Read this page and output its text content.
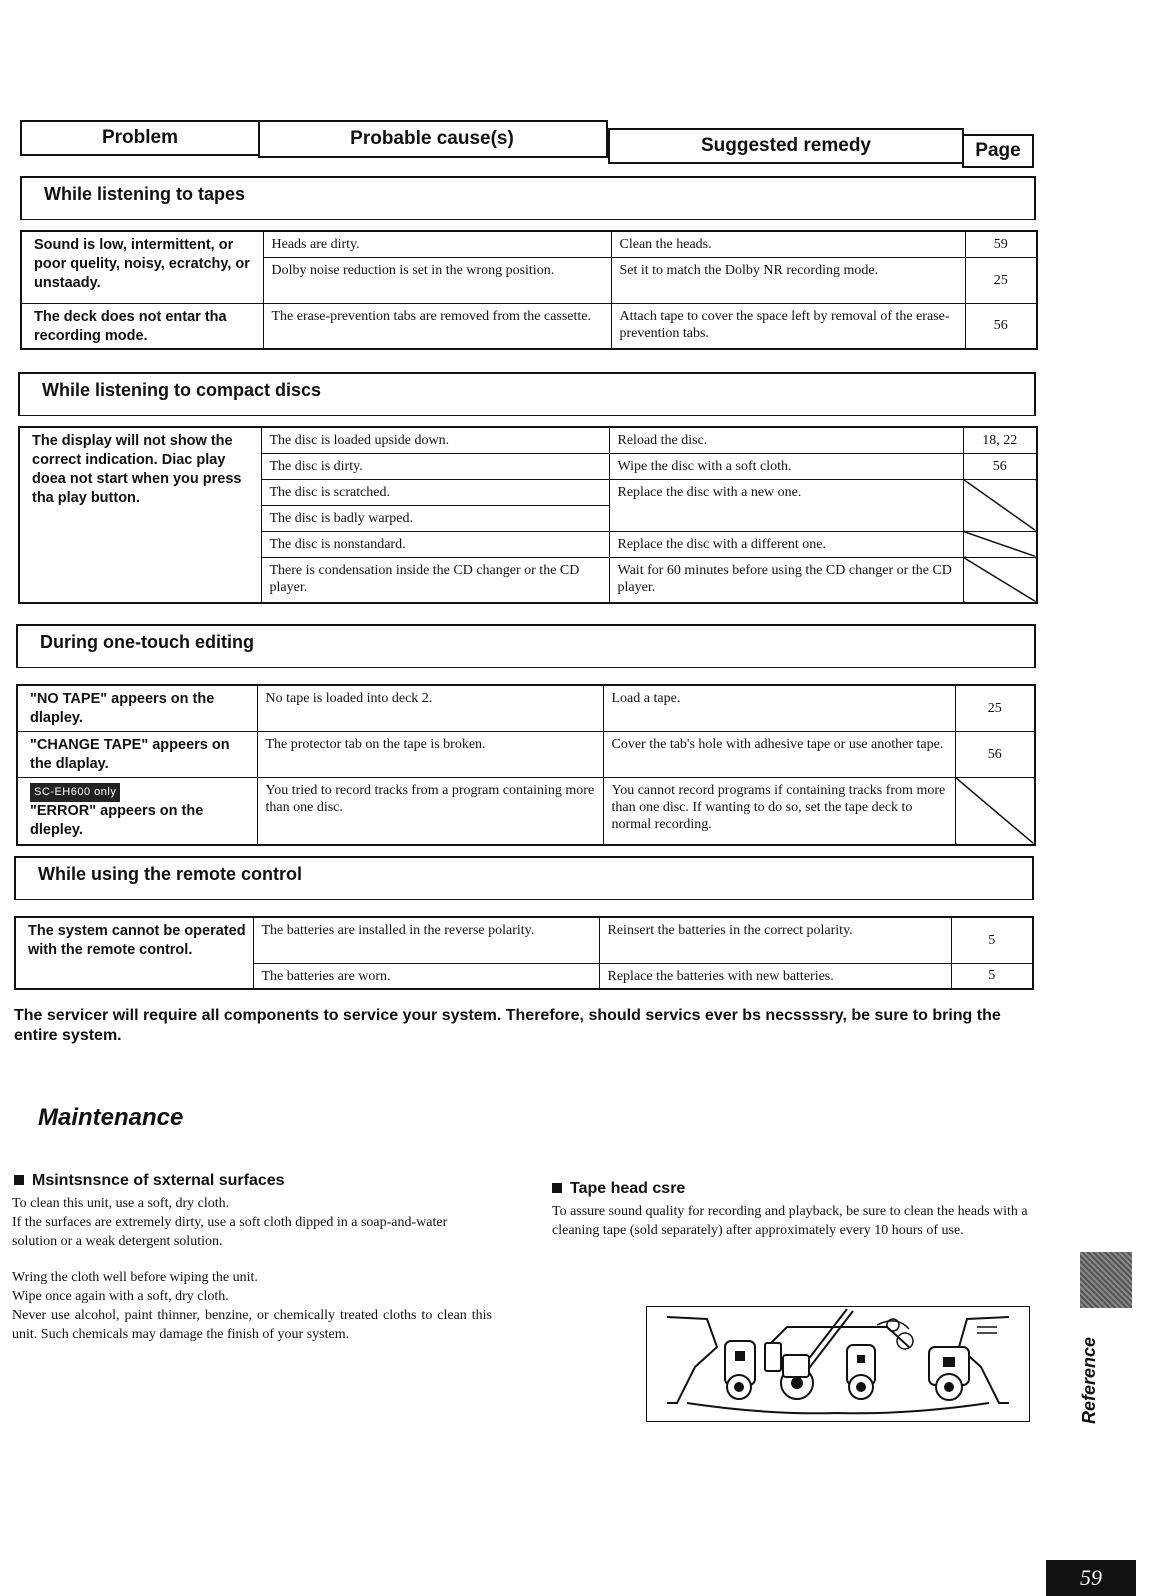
Problem	Probable cause(s)	Suggested remedy	Page
While listening to tapes
Sound is low, intermittent, or poor quelity, noisy, ecratchy, or unstaady.	Heads are dirty.	Clean the heads.	59
	Dolby noise reduction is set in the wrong position.	Set it to match the Dolby NR recording mode.	25
The deck does not entar tha recording mode.	The erase-prevention tabs are removed from the cassette.	Attach tape to cover the space left by removal of the erase-prevention tabs.	56
While listening to compact discs
The display will not show the correct indication. Diac play doea not start when you press tha play button.	The disc is loaded upside down.	Reload the disc.	18, 22
	The disc is dirty.	Wipe the disc with a soft cloth.	56
	The disc is scratched.	Replace the disc with a new one.	
	The disc is badly warped.		
	The disc is nonstandard.	Replace the disc with a different one.	
	There is condensation inside the CD changer or the CD player.	Wait for 60 minutes before using the CD changer or the CD player.	
During one-touch editing
"NO TAPE" appeers on the dlapley.	No tape is loaded into deck 2.	Load a tape.	25
"CHANGE TAPE" appeers on the dlaplay.	The protector tab on the tape is broken.	Cover the tab's hole with adhesive tape or use another tape.	56
SC-EH600 only
"ERROR" appeers on the dlepley.	You tried to record tracks from a program containing more than one disc.	You cannot record programs if containing tracks from more than one disc. If wanting to do so, set the tape deck to normal recording.	
While using the remote control
The system cannot be operated with the remote control.	The batteries are installed in the reverse polarity.	Reinsert the batteries in the correct polarity.	5
	The batteries are worn.	Replace the batteries with new batteries.	5
The servicer will require all components to service your system. Therefore, should servics ever bs necssssry, be sure to bring the entire system.
Maintenance
Msintsnsnce of sxternal surfaces
To clean this unit, use a soft, dry cloth.
If the surfaces are extremely dirty, use a soft cloth dipped in a soap-and-water solution or a weak detergent solution.
Wring the cloth well before wiping the unit.
Wipe once again with a soft, dry cloth.
Never use alcohol, paint thinner, benzine, or chemically treated cloths to clean this unit. Such chemicals may damage the finish of your system.
Tape head csre
To assure sound quality for recording and playback, be sure to clean the heads with a cleaning tape (sold separately) after approximately every 10 hours of use.
Reference
59
